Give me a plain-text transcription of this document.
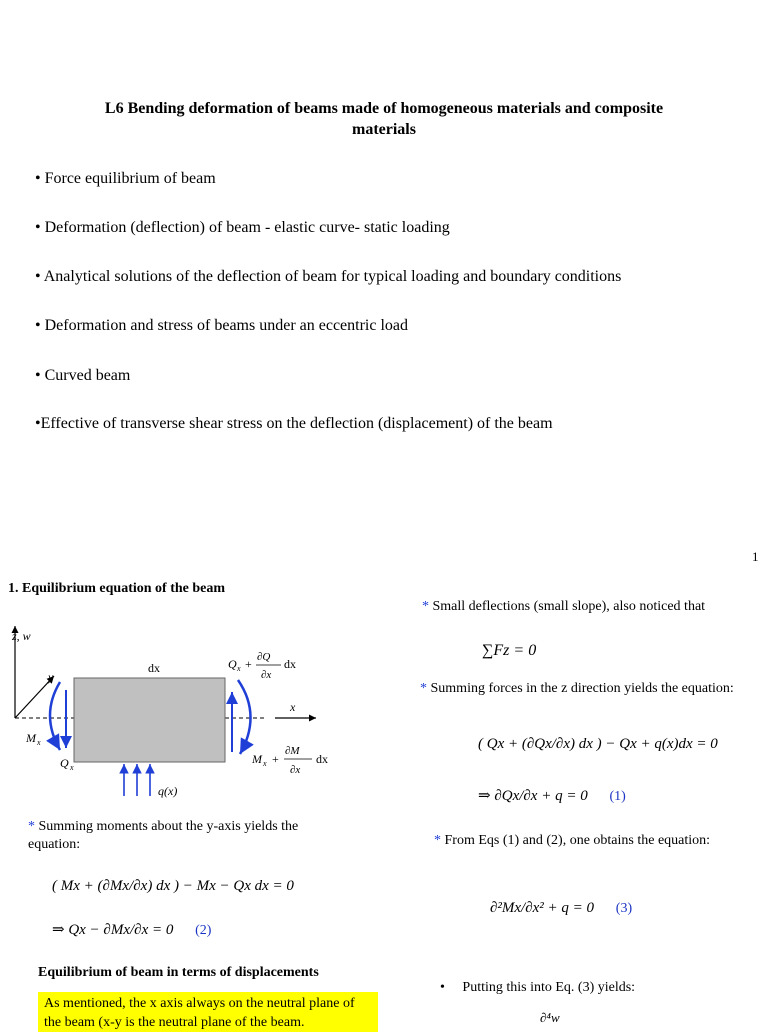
L6 Bending deformation of beams made of homogeneous materials and composite
materials
• Force equilibrium of beam
• Deformation (deflection) of beam - elastic curve- static loading
• Analytical solutions of the deflection of beam for typical loading and boundary conditions
• Deformation and stress of beams under an eccentric load
• Curved beam
•Effective of transverse shear stress on the deflection (displacement) of the beam
1
1. Equilibrium equation of the beam
z, w
y
x
dx
M x
Q x
Q x + ∂Q
∂x
dx
M x +
∂M
∂x
dx
q(x)
* Summing moments about the y-axis yields the equation:
( Mx + (∂Mx/∂x) dx ) − Mx − Qx dx = 0
⇒ Qx − ∂Mx/∂x = 0 (2)
Equilibrium of beam in terms of displacements
As mentioned, the x axis always on the neutral plane of the beam (x-y is the neutral plane of the beam.
* Small deflections (small slope), also noticed that
∑Fz = 0
* Summing forces in the z direction yields the equation:
( Qx + (∂Qx/∂x) dx ) − Qx + q(x)dx = 0
⇒ ∂Qx/∂x + q = 0 (1)
* From Eqs (1) and (2), one obtains the equation:
∂²Mx/∂x² + q = 0 (3)
• Putting this into Eq. (3) yields:
∂⁴w
